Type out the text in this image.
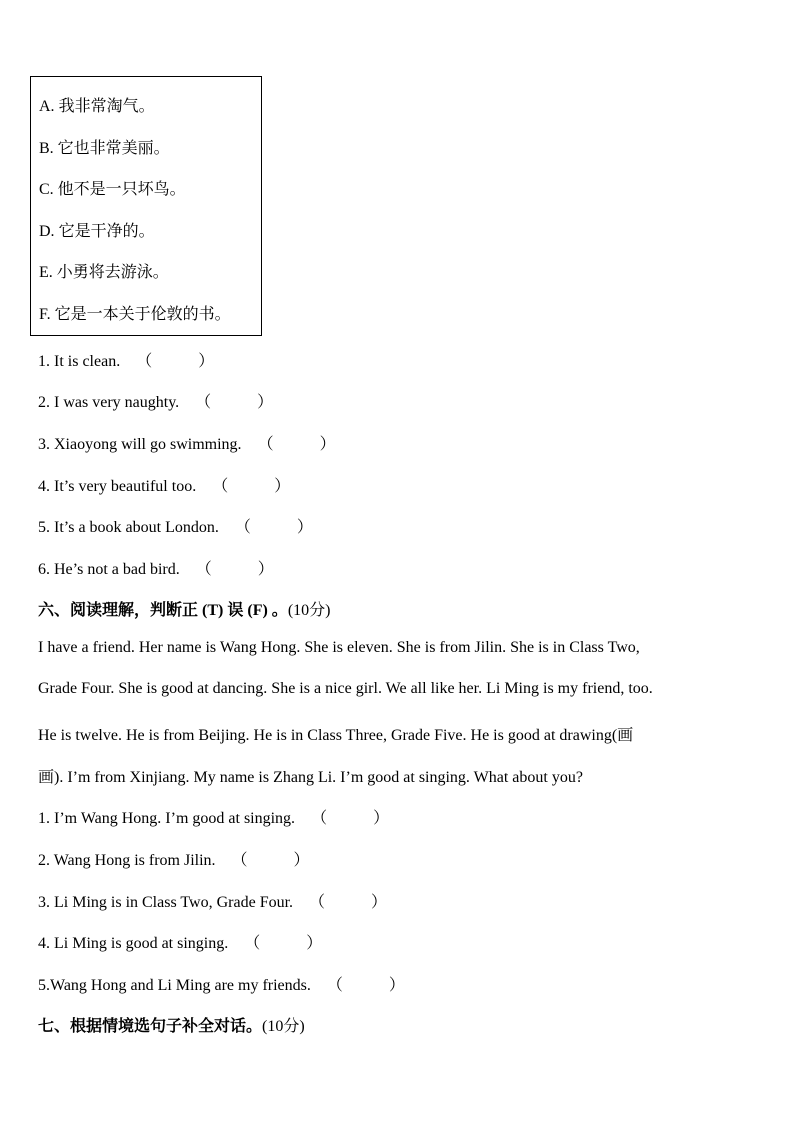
A. 我非常淘气。
B. 它也非常美丽。
C. 他不是一只坏鸟。
D. 它是干净的。
E. 小勇将去游泳。
F. 它是一本关于伦敦的书。
1. It is clean. （	）
2. I was very naughty. （	）
3. Xiaoyong will go swimming. （	）
4. It’s very beautiful too. （	）
5. It’s a book about London. （	）
6. He’s not a bad bird. （	）
六、阅读理解，判断正 (T) 误 (F) 。(10分)
I have a friend. Her name is Wang Hong. She is eleven. She is from Jilin. She is in Class Two,
Grade Four. She is good at dancing. She is a nice girl. We all like her. Li Ming is my friend, too.
He is twelve. He is from Beijing. He is in Class Three, Grade Five. He is good at drawing(画
画). I’m from Xinjiang. My name is Zhang Li. I’m good at singing. What about you?
1. I’m Wang Hong. I’m good at singing. （	）
2. Wang Hong is from Jilin. （	）
3. Li Ming is in Class Two, Grade Four. （	）
4. Li Ming is good at singing. （	）
5.Wang Hong and Li Ming are my friends. （	）
七、根据情境选句子补全对话。(10分)
